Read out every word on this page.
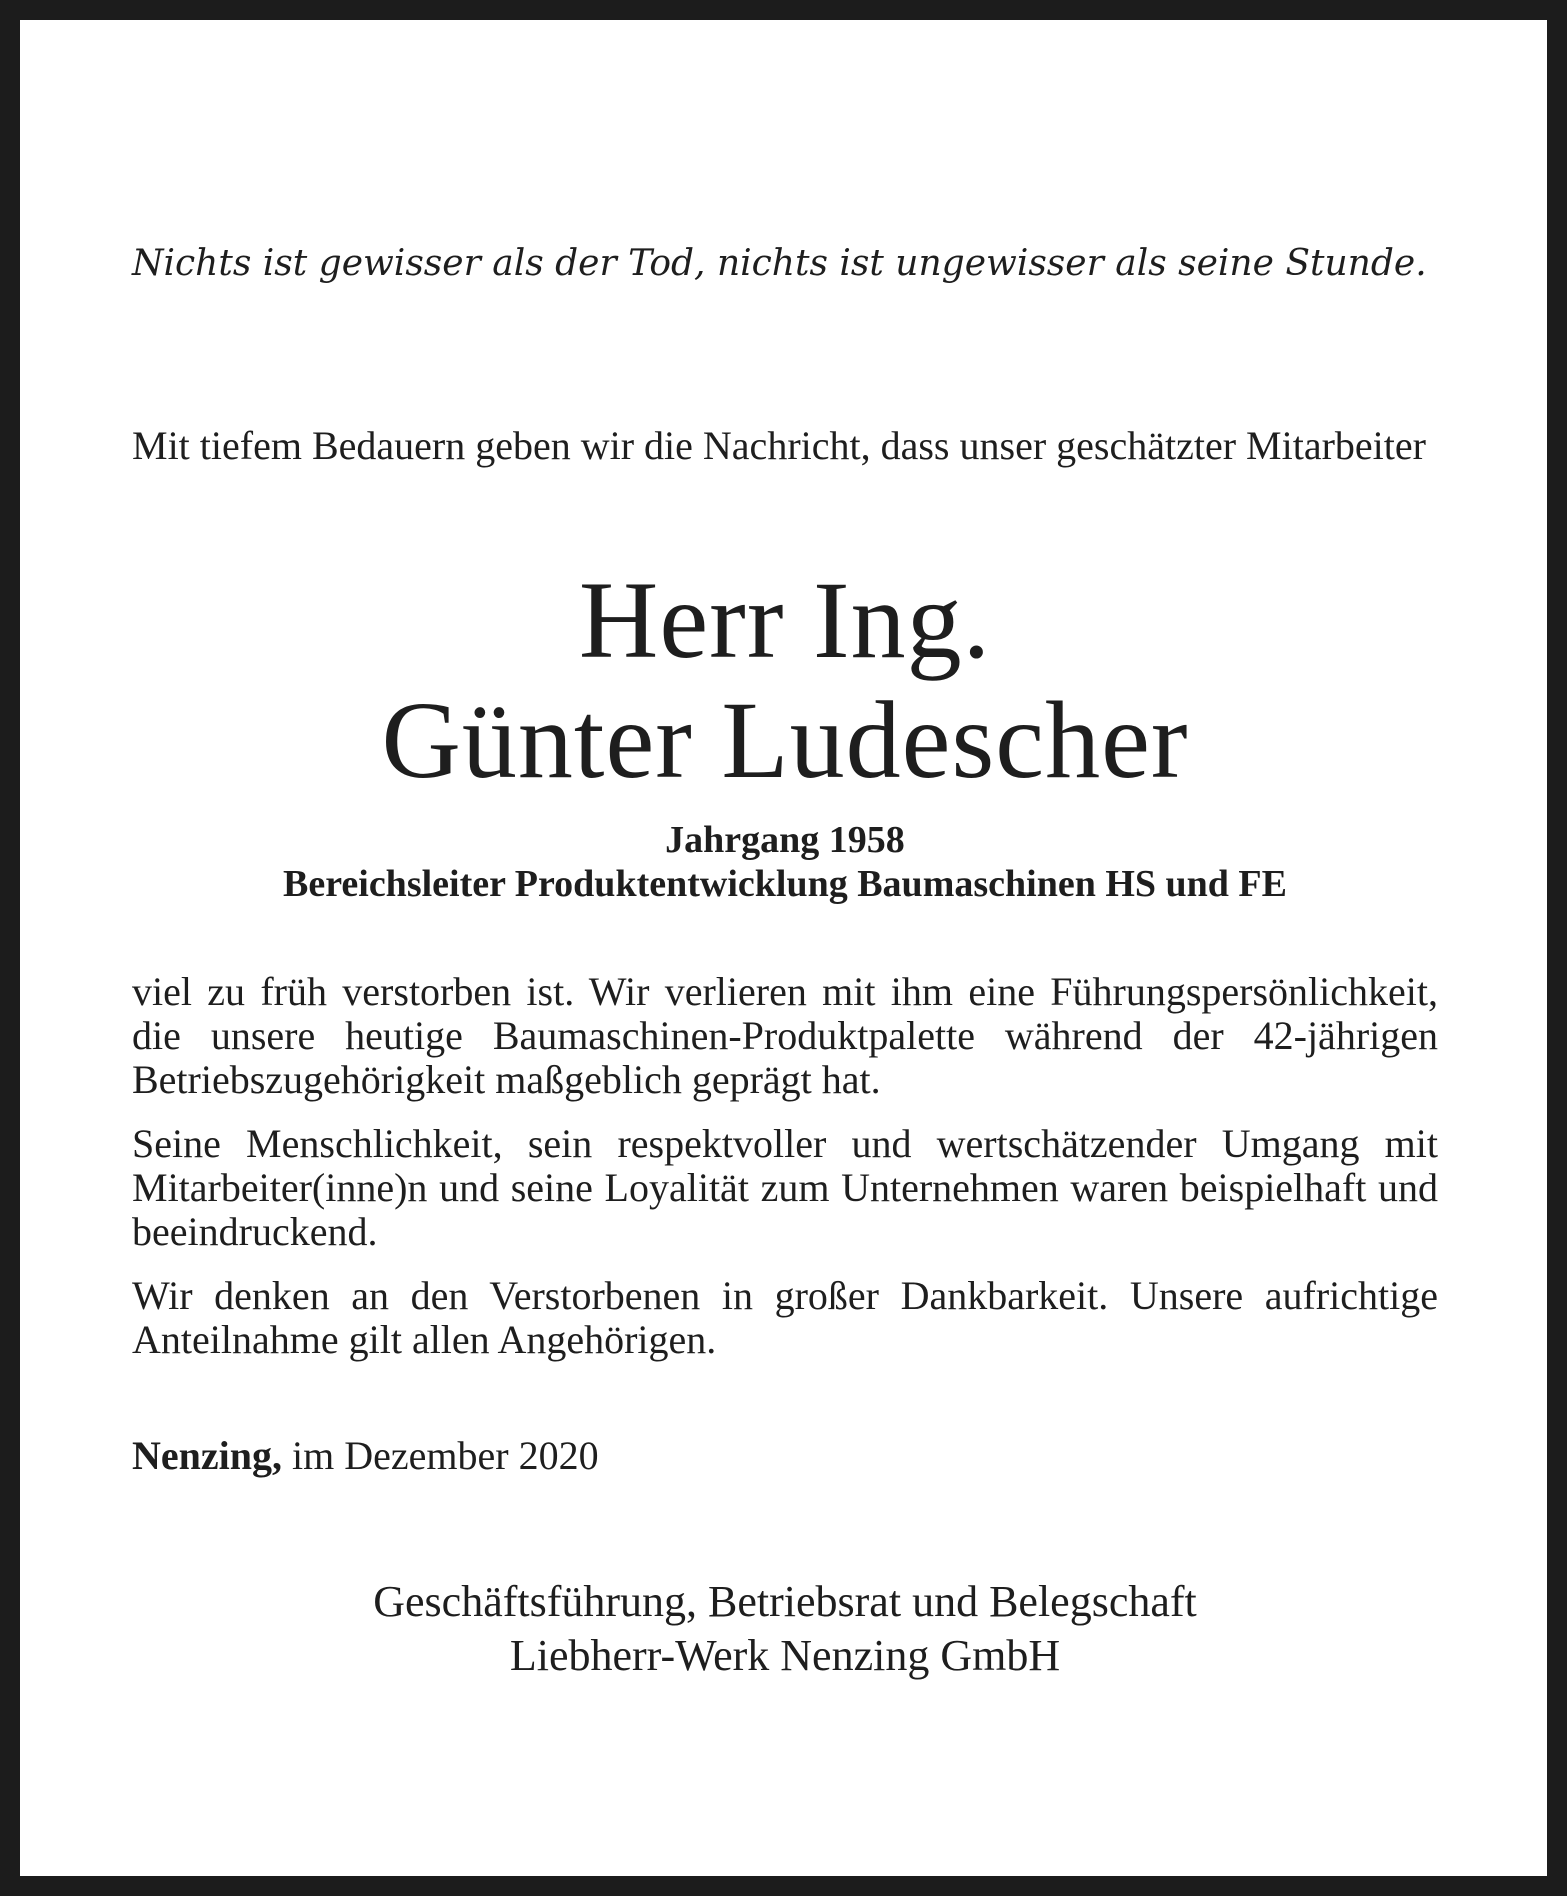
Nichts ist gewisser als der Tod, nichts ist ungewisser als seine Stunde.
Mit tiefem Bedauern geben wir die Nachricht, dass unser geschätzter Mitarbeiter
Herr Ing.
Günter Ludescher
Jahrgang 1958
Bereichsleiter Produktentwicklung Baumaschinen HS und FE

viel zu früh verstorben ist. Wir verlieren mit ihm eine Führungspersönlichkeit, die unsere heutige Baumaschinen-Produktpalette während der 42-jährigen Betriebszugehörigkeit maßgeblich geprägt hat.

Seine Menschlichkeit, sein respektvoller und wertschätzender Umgang mit Mitarbeiter(inne)n und seine Loyalität zum Unternehmen waren beispielhaft und beeindruckend.

Wir denken an den Verstorbenen in großer Dankbarkeit. Unsere aufrichtige Anteilnahme gilt allen Angehörigen.

Nenzing, im Dezember 2020
Geschäftsführung, Betriebsrat und Belegschaft
Liebherr-Werk Nenzing GmbH
